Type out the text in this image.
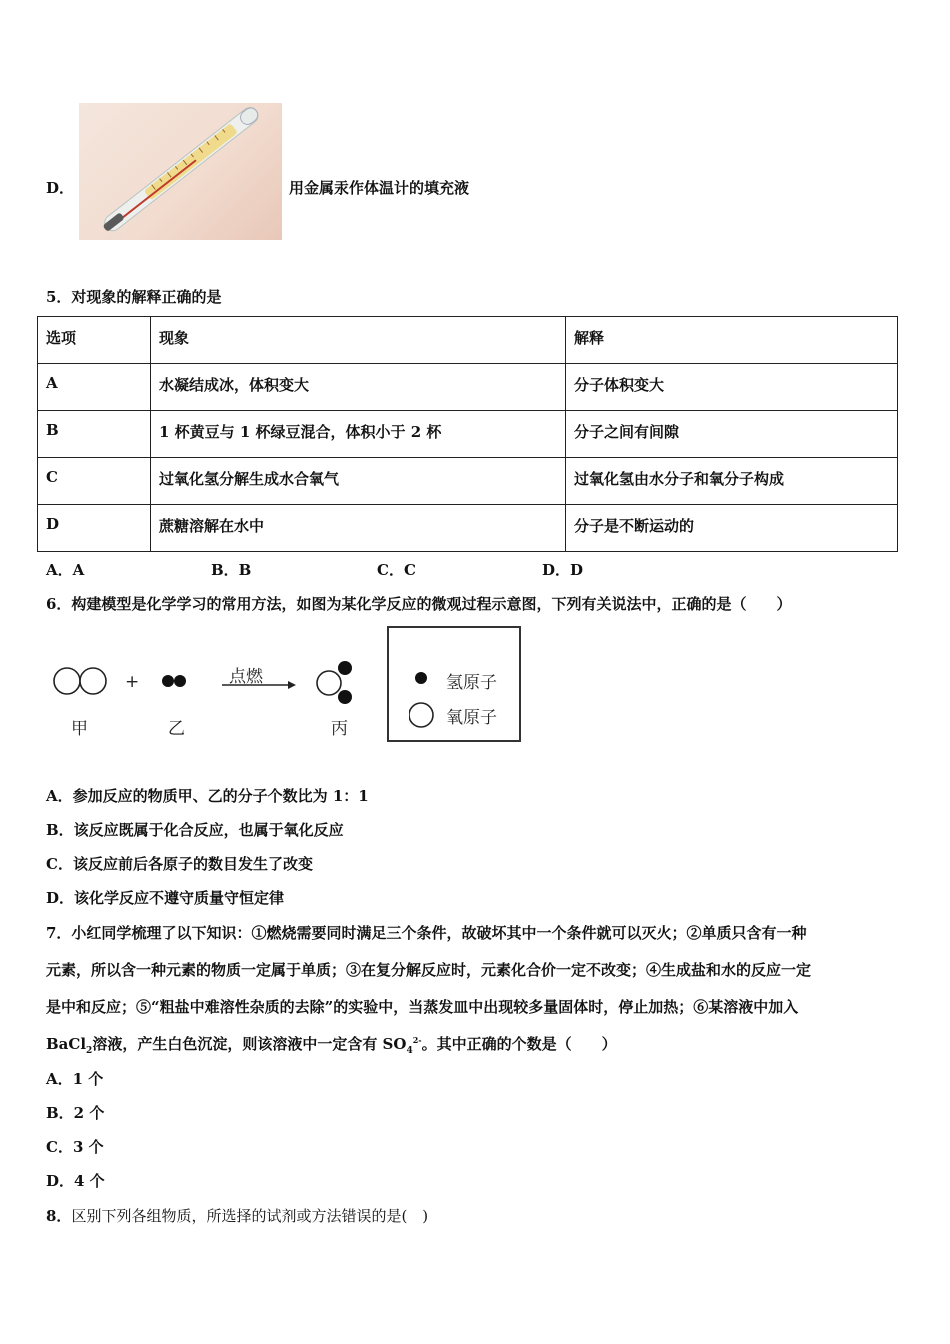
D．	用金属汞作体温计的填充液
5．对现象的解释正确的是
选项	现象	解释
A	水凝结成冰，体积变大	分子体积变大
B	1 杯黄豆与 1 杯绿豆混合，体积小于 2 杯	分子之间有间隙
C	过氧化氢分解生成水合氧气	过氧化氢由水分子和氧分子构成
D	蔗糖溶解在水中	分子是不断运动的
A．A	B．B	C．C	D．D
6．构建模型是化学学习的常用方法，如图为某化学反应的微观过程示意图，下列有关说法中，正确的是（　　）
+	点燃
甲	乙	丙
氢原子
氧原子
A．参加反应的物质甲、乙的分子个数比为 1：1
B．该反应既属于化合反应，也属于氧化反应
C．该反应前后各原子的数目发生了改变
D．该化学反应不遵守质量守恒定律
7．小红同学梳理了以下知识：①燃烧需要同时满足三个条件，故破坏其中一个条件就可以灭火；②单质只含有一种
元素，所以含一种元素的物质一定属于单质；③在复分解反应时，元素化合价一定不改变；④生成盐和水的反应一定
是中和反应；⑤“粗盐中难溶性杂质的去除”的实验中，当蒸发皿中出现较多量固体时，停止加热；⑥某溶液中加入
BaCl$_2$溶液，产生白色沉淀，则该溶液中一定含有 $SO_4^{2-}$。其中正确的个数是（　　）
A．1 个
B．2 个
C．3 个
D．4 个
8．区别下列各组物质，所选择的试剂或方法错误的是(　)
